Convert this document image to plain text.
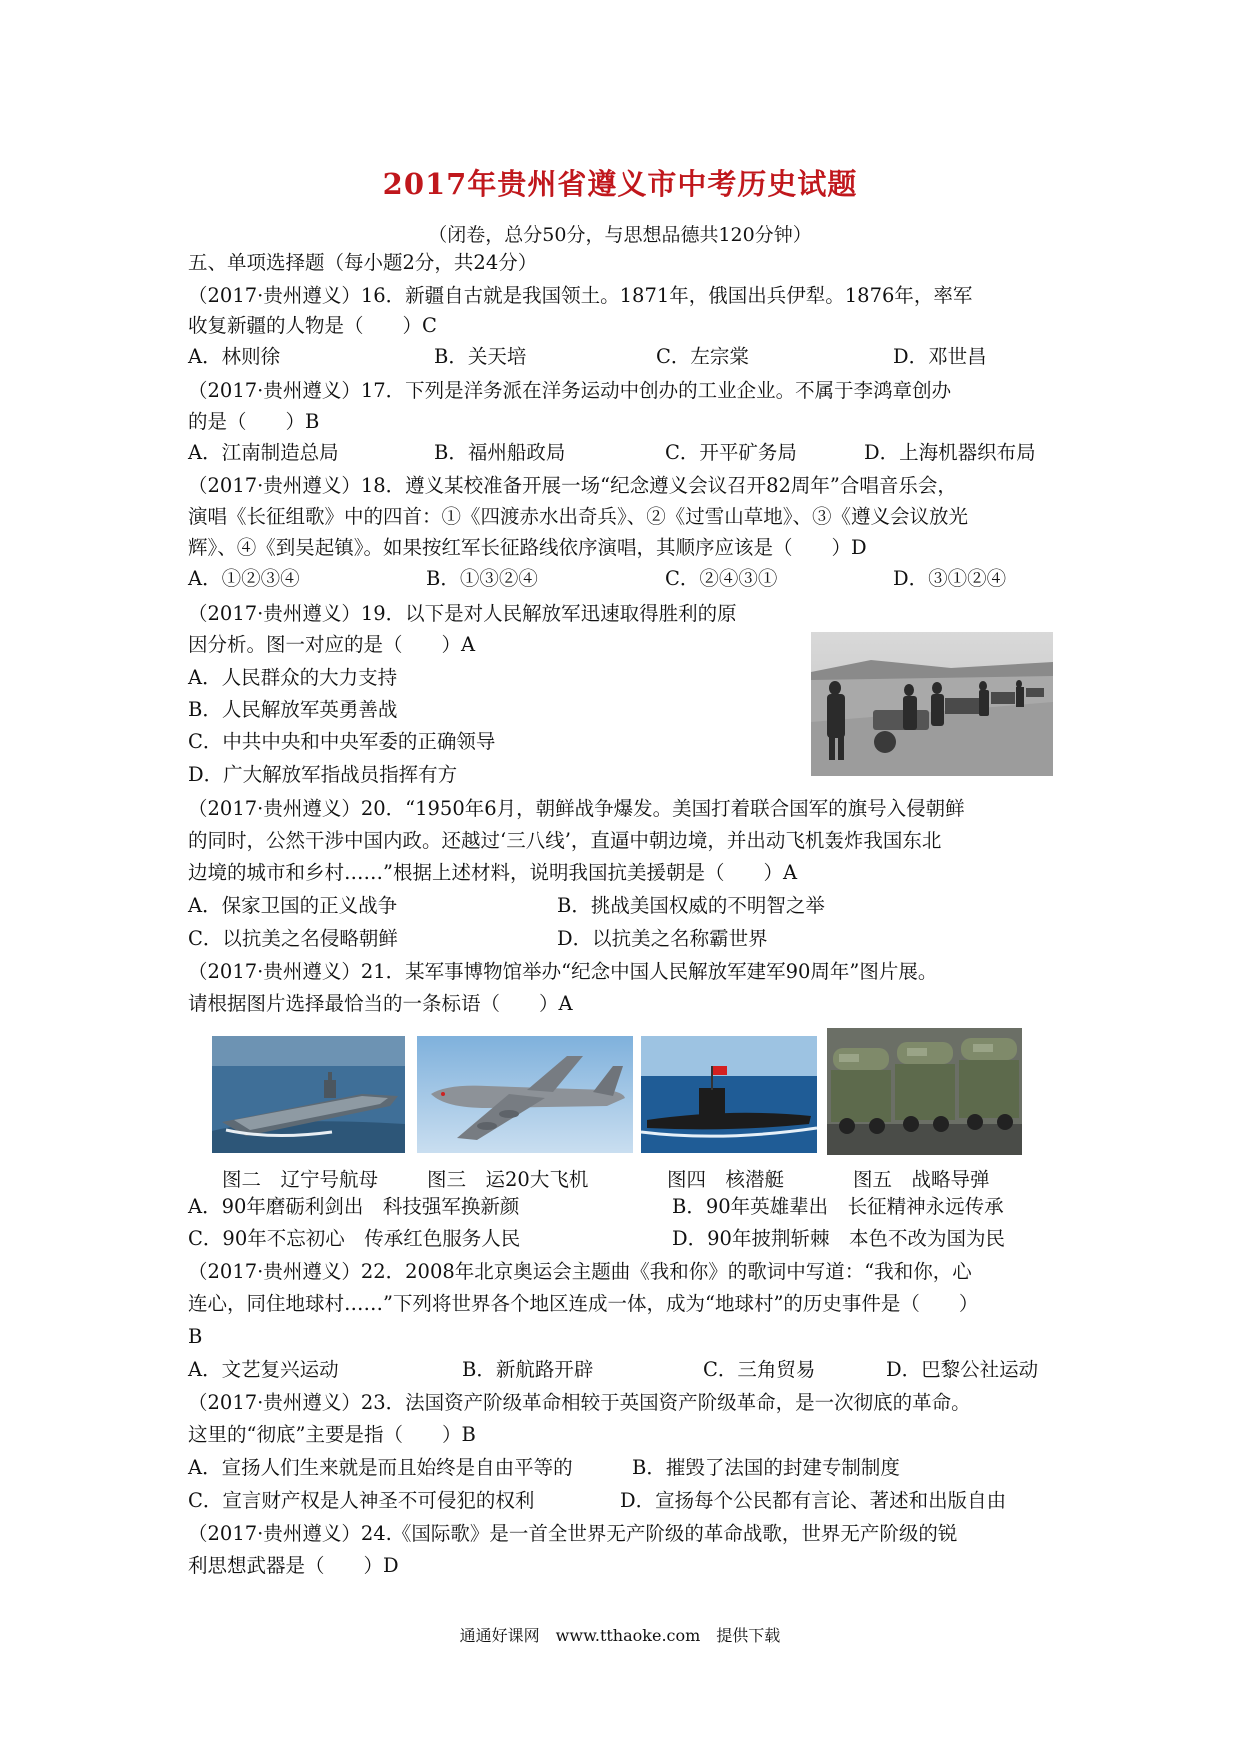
2017年贵州省遵义市中考历史试题
（闭卷，总分50分，与思想品德共120分钟）
五、单项选择题（每小题2分，共24分）
（2017·贵州遵义）16．新疆自古就是我国领土。1871年，俄国出兵伊犁。1876年，率军
收复新疆的人物是（　　）C
A．林则徐	B．关天培	C．左宗棠	D．邓世昌
（2017·贵州遵义）17．下列是洋务派在洋务运动中创办的工业企业。不属于李鸿章创办
的是（　　）B
A．江南制造总局	B．福州船政局	C．开平矿务局	D．上海机器织布局
（2017·贵州遵义）18．遵义某校准备开展一场“纪念遵义会议召开82周年”合唱音乐会，
演唱《长征组歌》中的四首：①《四渡赤水出奇兵》、②《过雪山草地》、③《遵义会议放光
辉》、④《到吴起镇》。如果按红军长征路线依序演唱，其顺序应该是（　　）D
A．①②③④	B．①③②④	C．②④③①	D．③①②④
（2017·贵州遵义）19．以下是对人民解放军迅速取得胜利的原
因分析。图一对应的是（　　）A
A．人民群众的大力支持
B．人民解放军英勇善战
C．中共中央和中央军委的正确领导
D．广大解放军指战员指挥有方
（2017·贵州遵义）20．“1950年6月，朝鲜战争爆发。美国打着联合国军的旗号入侵朝鲜
的同时，公然干涉中国内政。还越过‘三八线’，直逼中朝边境，并出动飞机轰炸我国东北
边境的城市和乡村……”根据上述材料，说明我国抗美援朝是（　　）A
A．保家卫国的正义战争	B．挑战美国权威的不明智之举
C．以抗美之名侵略朝鲜	D．以抗美之名称霸世界
（2017·贵州遵义）21．某军事博物馆举办“纪念中国人民解放军建军90周年”图片展。
请根据图片选择最恰当的一条标语（　　）A
图二　辽宁号航母	图三　运20大飞机	图四　核潜艇	图五　战略导弹
A．90年磨砺利剑出　科技强军换新颜	B．90年英雄辈出　长征精神永远传承
C．90年不忘初心　传承红色服务人民	D．90年披荆斩棘　本色不改为国为民
（2017·贵州遵义）22．2008年北京奥运会主题曲《我和你》的歌词中写道：“我和你，心
连心，同住地球村……”下列将世界各个地区连成一体，成为“地球村”的历史事件是（　　）
B
A．文艺复兴运动	B．新航路开辟	C．三角贸易	D．巴黎公社运动
（2017·贵州遵义）23．法国资产阶级革命相较于英国资产阶级革命，是一次彻底的革命。
这里的“彻底”主要是指（　　）B
A．宣扬人们生来就是而且始终是自由平等的	B．摧毁了法国的封建专制制度
C．宣言财产权是人神圣不可侵犯的权利	D．宣扬每个公民都有言论、著述和出版自由
（2017·贵州遵义）24.《国际歌》是一首全世界无产阶级的革命战歌，世界无产阶级的锐
利思想武器是（　　）D
通通好课网　www.tthaoke.com　提供下载
